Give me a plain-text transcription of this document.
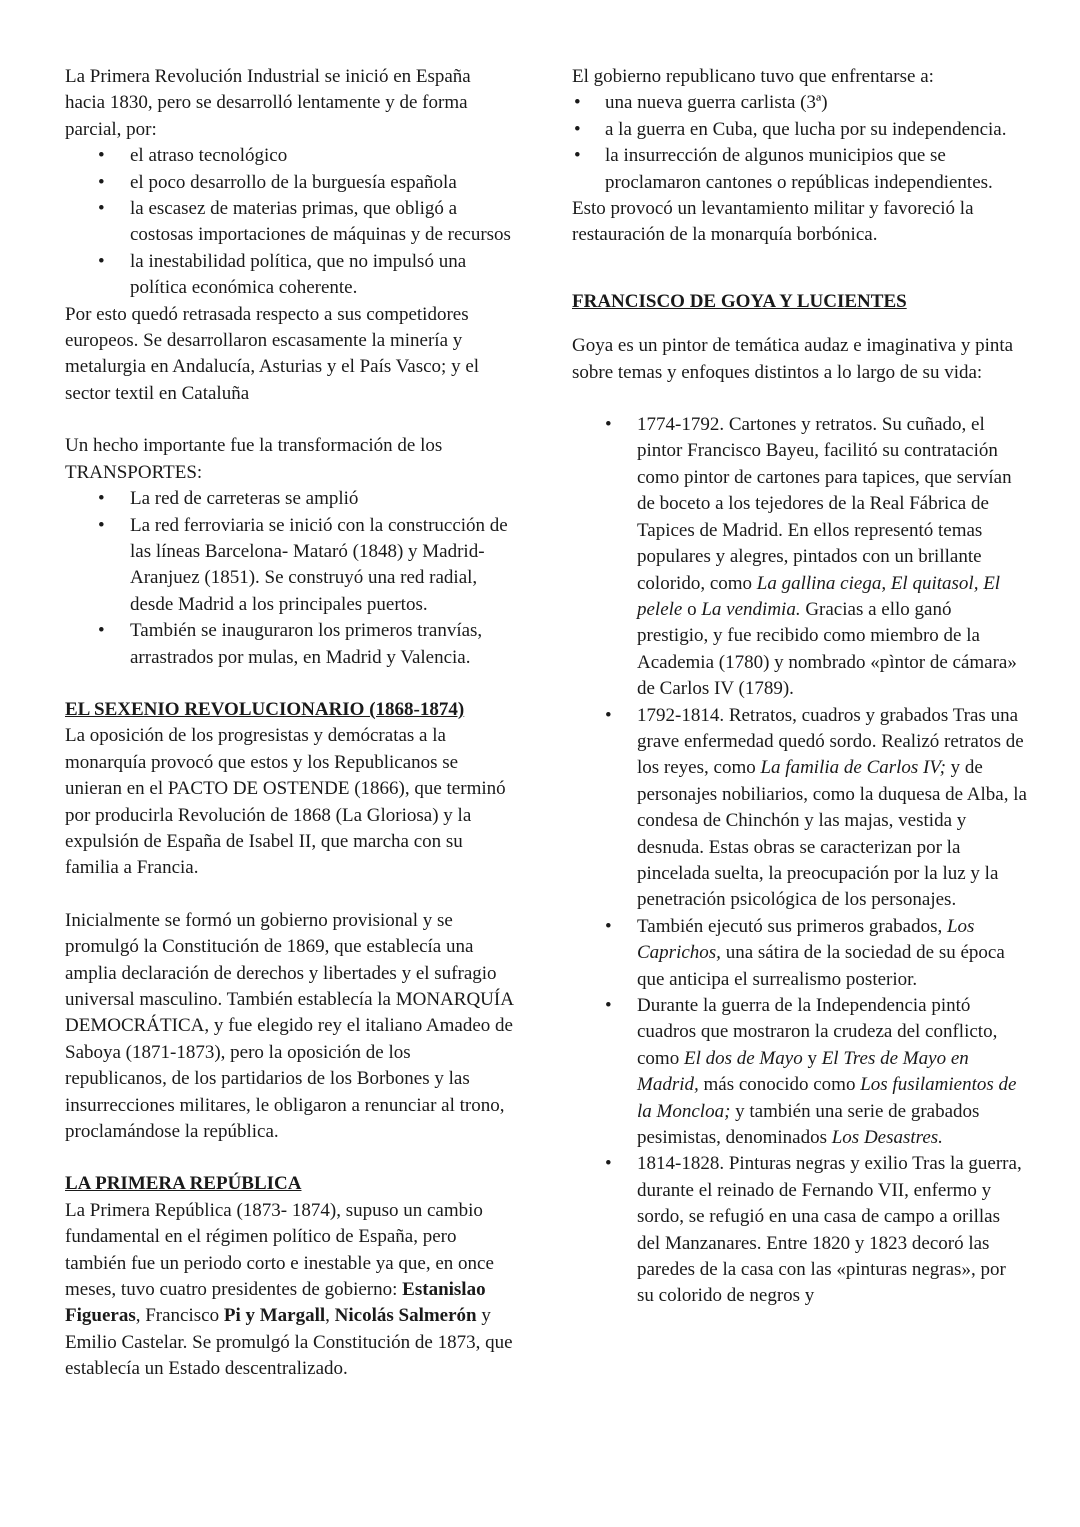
La Primera Revolución Industrial se inició en España hacia 1830, pero se desarrolló lentamente y de forma parcial, por:

• el atraso tecnológico
• el poco desarrollo de la burguesía española
• la escasez de materias primas, que obligó a costosas importaciones de máquinas y de recursos
• la inestabilidad política, que no impulsó una política económica coherente.

Por esto quedó retrasada respecto a sus competidores europeos. Se desarrollaron escasamente la minería y metalurgia en Andalucía, Asturias y el País Vasco; y el sector textil en Cataluña

Un hecho importante fue la transformación de los TRANSPORTES:

• La red de carreteras se amplió
• La red ferroviaria se inició con la construcción de las líneas Barcelona- Mataró (1848) y Madrid-Aranjuez (1851). Se construyó una red radial, desde Madrid a los principales puertos.
• También se inauguraron los primeros tranvías, arrastrados por mulas, en Madrid y Valencia.

EL SEXENIO REVOLUCIONARIO (1868-1874)

La oposición de los progresistas y demócratas a la monarquía provocó que estos y los Republicanos se unieran en el PACTO DE OSTENDE (1866), que terminó por producirla Revolución de 1868 (La Gloriosa) y la expulsión de España de Isabel II, que marcha con su familia a Francia.

Inicialmente se formó un gobierno provisional y se promulgó la Constitución de 1869, que establecía una amplia declaración de derechos y libertades y el sufragio universal masculino. También establecía la MONARQUÍA DEMOCRÁTICA, y fue elegido rey el italiano Amadeo de Saboya (1871-1873), pero la oposición de los republicanos, de los partidarios de los Borbones y las insurrecciones militares, le obligaron a renunciar al trono, proclamándose la república.

LA PRIMERA REPÚBLICA

La Primera República (1873- 1874), supuso un cambio fundamental en el régimen político de España, pero también fue un periodo corto e inestable ya que, en once meses, tuvo cuatro presidentes de gobierno: Estanislao Figueras, Francisco Pi y Margall, Nicolás Salmerón y Emilio Castelar. Se promulgó la Constitución de 1873, que establecía un Estado descentralizado.

El gobierno republicano tuvo que enfrentarse a:

• una nueva guerra carlista (3ª)
• a la guerra en Cuba, que lucha por su independencia.
• la insurrección de algunos municipios que se proclamaron cantones o repúblicas independientes.

Esto provocó un levantamiento militar y favoreció la restauración de la monarquía borbónica.

FRANCISCO DE GOYA Y LUCIENTES

Goya es un pintor de temática audaz e imaginativa y pinta sobre temas y enfoques distintos a lo largo de su vida:

• 1774-1792. Cartones y retratos. Su cuñado, el pintor Francisco Bayeu, facilitó su contratación como pintor de cartones para tapices, que servían de boceto a los tejedores de la Real Fábrica de Tapices de Madrid. En ellos representó temas populares y alegres, pintados con un brillante colorido, como La gallina ciega, El quitasol, El pelele o La vendimia. Gracias a ello ganó prestigio, y fue recibido como miembro de la Academia (1780) y nombrado «pìntor de cámara» de Carlos IV (1789).
• 1792-1814. Retratos, cuadros y grabados Tras una grave enfermedad quedó sordo. Realizó retratos de los reyes, como La familia de Carlos IV; y de personajes nobiliarios, como la duquesa de Alba, la condesa de Chinchón y las majas, vestida y desnuda. Estas obras se caracterizan por la pincelada suelta, la preocupación por la luz y la penetración psicológica de los personajes.
• También ejecutó sus primeros grabados, Los Caprichos, una sátira de la sociedad de su época que anticipa el surrealismo posterior.
• Durante la guerra de la Independencia pintó cuadros que mostraron la crudeza del conflicto, como El dos de Mayo y El Tres de Mayo en Madrid, más conocido como Los fusilamientos de la Moncloa; y también una serie de grabados pesimistas, denominados Los Desastres.
• 1814-1828. Pinturas negras y exilio Tras la guerra, durante el reinado de Fernando VII, enfermo y sordo, se refugió en una casa de campo a orillas del Manzanares. Entre 1820 y 1823 decoró las paredes de la casa con las «pinturas negras», por su colorido de negros y
